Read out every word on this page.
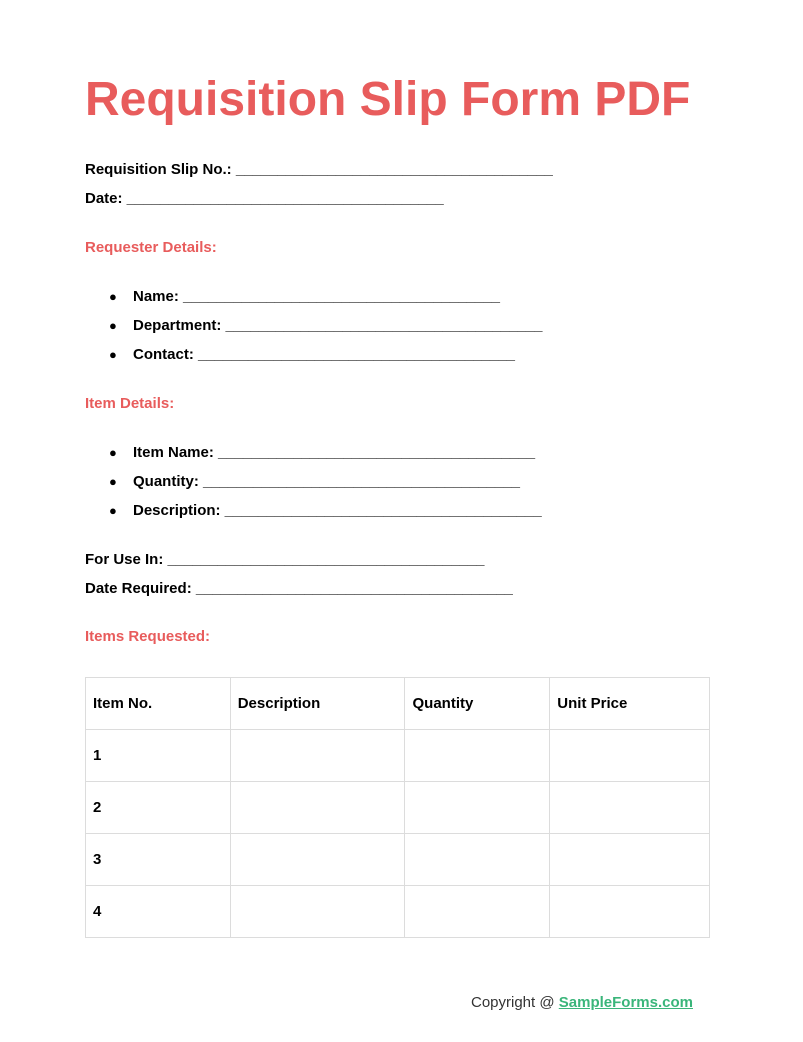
Requisition Slip Form PDF

Requisition Slip No.: ______________________________________

Date: ______________________________________

Requester Details:

● Name: ______________________________________
● Department: ______________________________________
● Contact: ______________________________________

Item Details:

● Item Name: ______________________________________
● Quantity: ______________________________________
● Description: ______________________________________

For Use In: ______________________________________

Date Required: ______________________________________

Items Requested:

Item No.	Description	Quantity	Unit Price
1			
2			
3			
4			
Copyright @ SampleForms.com
